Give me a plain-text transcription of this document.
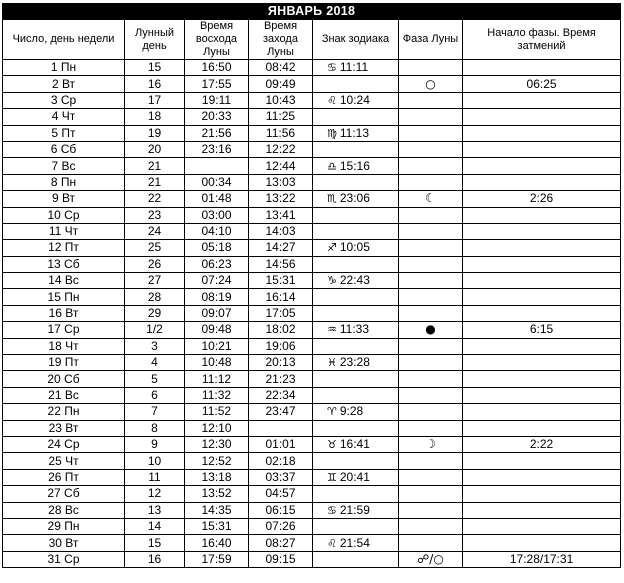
ЯНВАРЬ 2018						
Число, день недели	Лунный день	Время восхода Луны	Время захода Луны	Знак зодиака	Фаза Луны	Начало фазы. Время затмений
1 Пн	15	16:50	08:42	♋ 11:11		
2 Вт	16	17:55	09:49		○	06:25
3 Ср	17	19:11	10:43	♌ 10:24		
4 Чт	18	20:33	11:25			
5 Пт	19	21:56	11:56	♍ 11:13		
6 Сб	20	23:16	12:22			
7 Вс	21		12:44	♎ 15:16		
8 Пн	21	00:34	13:03			
9 Вт	22	01:48	13:22	♏ 23:06	☾	2:26
10 Ср	23	03:00	13:41			
11 Чт	24	04:10	14:03			
12 Пт	25	05:18	14:27	♐ 10:05		
13 Сб	26	06:23	14:56			
14 Вс	27	07:24	15:31	♑ 22:43		
15 Пн	28	08:19	16:14			
16 Вт	29	09:07	17:05			
17 Ср	1/2	09:48	18:02	♒ 11:33	●	6:15
18 Чт	3	10:21	19:06			
19 Пт	4	10:48	20:13	♓ 23:28		
20 Сб	5	11:12	21:23			
21 Вс	6	11:32	22:34			
22 Пн	7	11:52	23:47	♈ 9:28		
23 Вт	8	12:10				
24 Ср	9	12:30	01:01	♉ 16:41	☽	2:22
25 Чт	10	12:52	02:18			
26 Пт	11	13:18	03:37	♊ 20:41		
27 Сб	12	13:52	04:57			
28 Вс	13	14:35	06:15	♋ 21:59		
29 Пн	14	15:31	07:26			
30 Вт	15	16:40	08:27	♌ 21:54		
31 Ср	16	17:59	09:15		☍/○	17:28/17:31
